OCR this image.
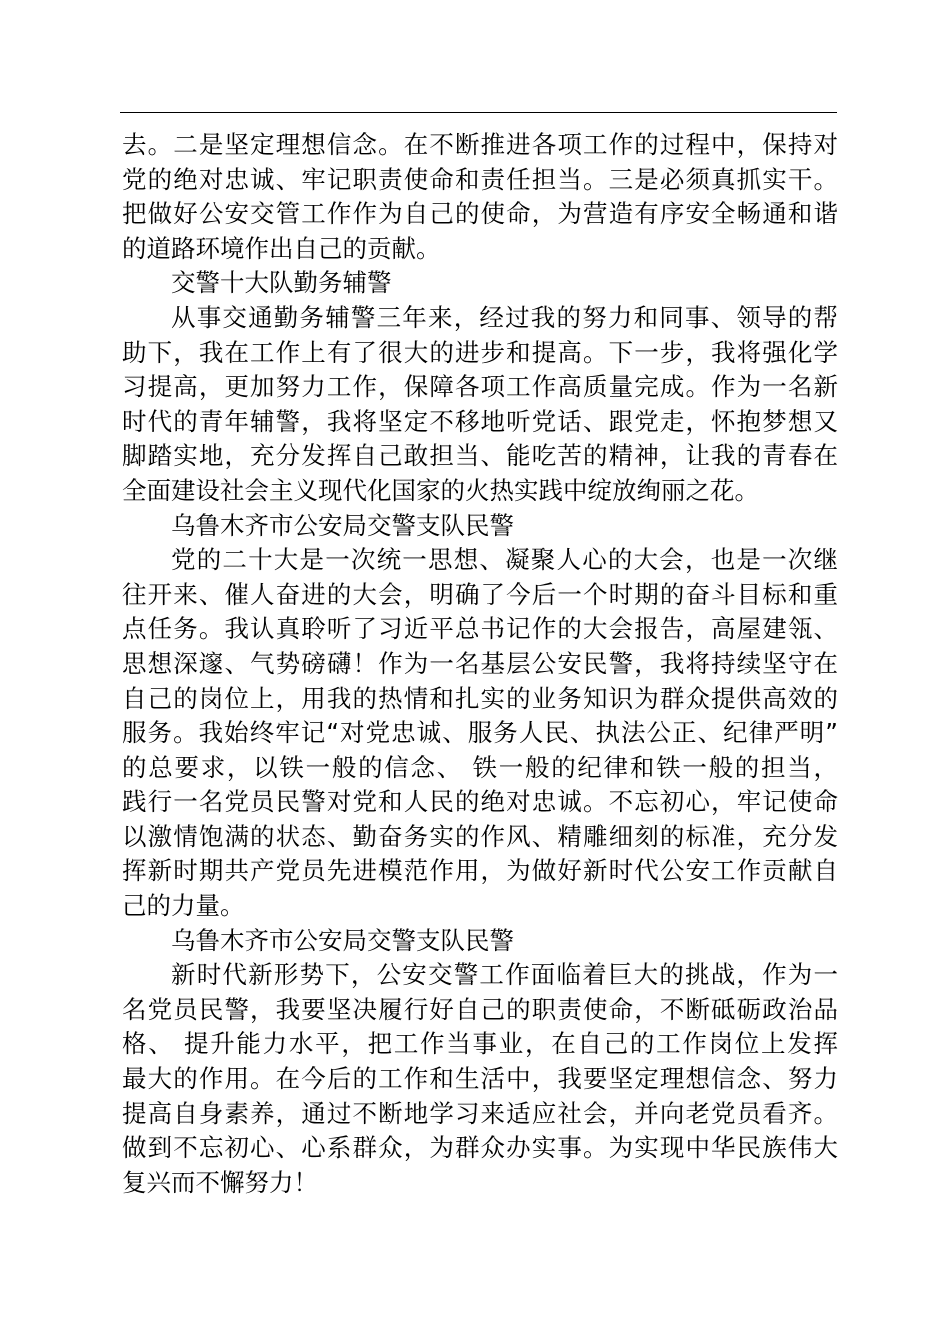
去。二是坚定理想信念。在不断推进各项工作的过程中，保持对
党的绝对忠诚、牢记职责使命和责任担当。三是必须真抓实干。
把做好公安交管工作作为自己的使命，为营造有序安全畅通和谐
的道路环境作出自己的贡献。
交警十大队勤务辅警
从事交通勤务辅警三年来，经过我的努力和同事、领导的帮
助下，我在工作上有了很大的进步和提高。下一步，我将强化学
习提高，更加努力工作，保障各项工作高质量完成。作为一名新
时代的青年辅警，我将坚定不移地听党话、跟党走，怀抱梦想又
脚踏实地，充分发挥自己敢担当、能吃苦的精神，让我的青春在
全面建设社会主义现代化国家的火热实践中绽放绚丽之花。
乌鲁木齐市公安局交警支队民警
党的二十大是一次统一思想、凝聚人心的大会，也是一次继
往开来、催人奋进的大会，明确了今后一个时期的奋斗目标和重
点任务。我认真聆听了习近平总书记作的大会报告，高屋建瓴、
思想深邃、气势磅礴！作为一名基层公安民警，我将持续坚守在
自己的岗位上，用我的热情和扎实的业务知识为群众提供高效的
服务。我始终牢记“对党忠诚、服务人民、执法公正、纪律严明”
的总要求，以铁一般的信念、 铁一般的纪律和铁一般的担当，
践行一名党员民警对党和人民的绝对忠诚。不忘初心，牢记使命
以激情饱满的状态、勤奋务实的作风、精雕细刻的标准，充分发
挥新时期共产党员先进模范作用，为做好新时代公安工作贡献自
己的力量。
乌鲁木齐市公安局交警支队民警
新时代新形势下，公安交警工作面临着巨大的挑战，作为一
名党员民警，我要坚决履行好自己的职责使命，不断砥砺政治品
格、 提升能力水平，把工作当事业，在自己的工作岗位上发挥
最大的作用。在今后的工作和生活中，我要坚定理想信念、努力
提高自身素养，通过不断地学习来适应社会，并向老党员看齐。
做到不忘初心、心系群众，为群众办实事。为实现中华民族伟大
复兴而不懈努力！
